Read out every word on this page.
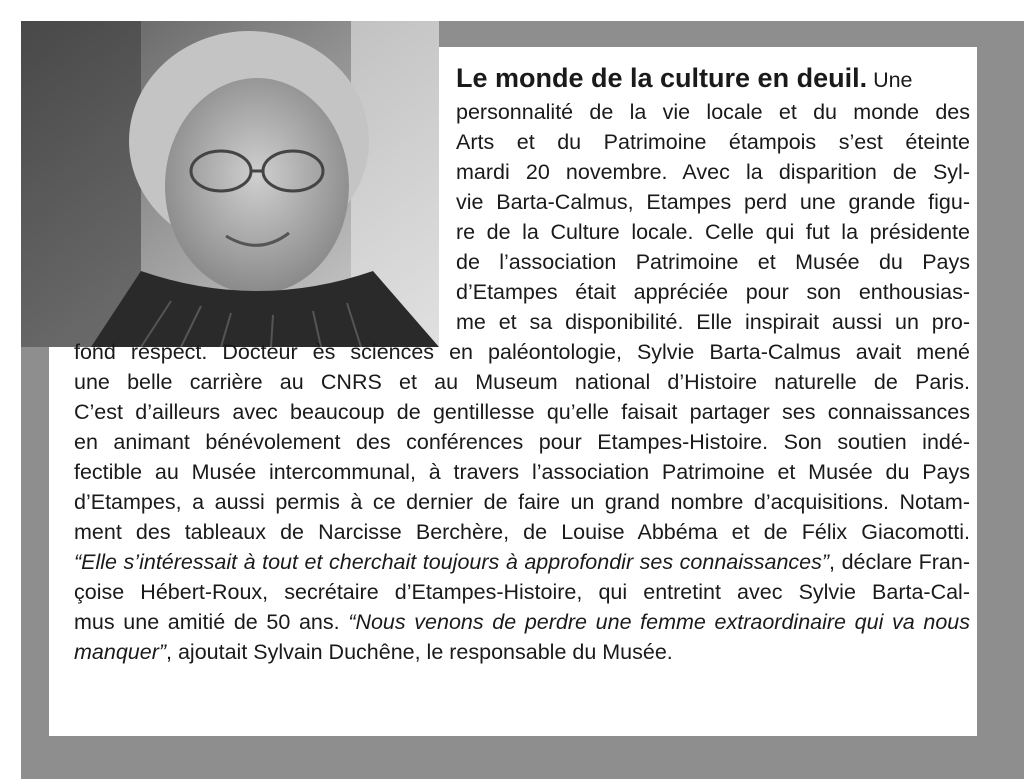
Le monde de la culture en deuil. Une
personnalité de la vie locale et du monde des
Arts et du Patrimoine étampois s’est éteinte
mardi 20 novembre. Avec la disparition de Syl-
vie Barta-Calmus, Etampes perd une grande figu-
re de la Culture locale. Celle qui fut la présidente
de l’association Patrimoine et Musée du Pays
d’Etampes était appréciée pour son enthousias-
me et sa disponibilité. Elle inspirait aussi un pro-
fond respect. Docteur ès sciences en paléontologie, Sylvie Barta-Calmus avait mené
une belle carrière au CNRS et au Museum national d’Histoire naturelle de Paris.
C’est d’ailleurs avec beaucoup de gentillesse qu’elle faisait partager ses connaissances
en animant bénévolement des conférences pour Etampes-Histoire. Son soutien indé-
fectible au Musée intercommunal, à travers l’association Patrimoine et Musée du Pays
d’Etampes, a aussi permis à ce dernier de faire un grand nombre d’acquisitions. Notam-
ment des tableaux de Narcisse Berchère, de Louise Abbéma et de Félix Giacomotti.
“Elle s’intéressait à tout et cherchait toujours à approfondir ses connaissances”, déclare Fran-
çoise Hébert-Roux, secrétaire d’Etampes-Histoire, qui entretint avec Sylvie Barta-Cal-
mus une amitié de 50 ans. “Nous venons de perdre une femme extraordinaire qui va nous
manquer”, ajoutait Sylvain Duchêne, le responsable du Musée.
